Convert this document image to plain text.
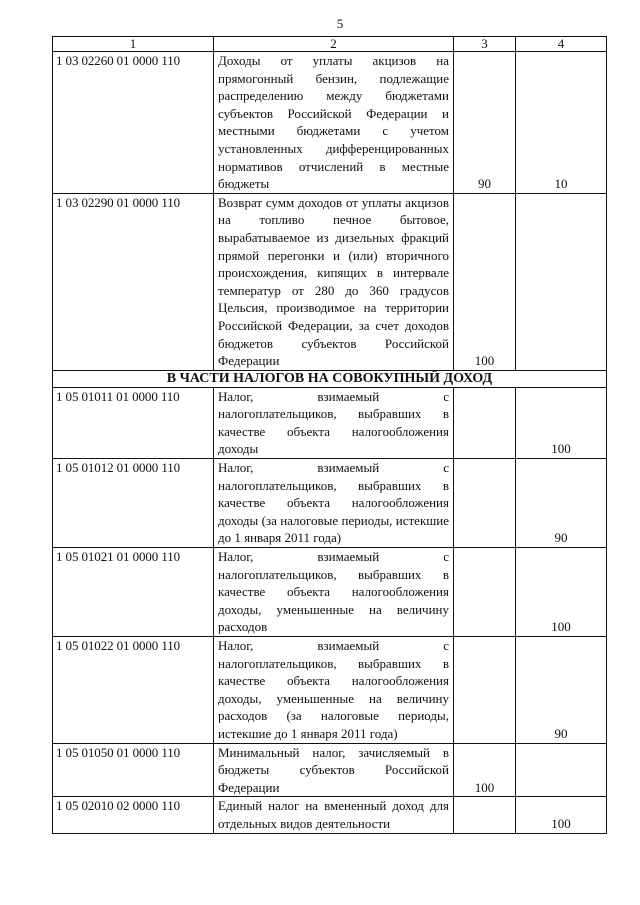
5
1	2	3	4
1 03 02260 01 0000 110	Доходы от уплаты акцизов на прямогонный бензин, подлежащие распределению между бюджетами субъектов Российской Федерации и местными бюджетами с учетом установленных дифференцированных нормативов отчислений в местные бюджеты	90	10
1 03 02290 01 0000 110	Возврат сумм доходов от уплаты акцизов на топливо печное бытовое, вырабатываемое из дизельных фракций прямой перегонки и (или) вторичного происхождения, кипящих в интервале температур от 280 до 360 градусов Цельсия, производимое на территории Российской Федерации, за счет доходов бюджетов субъектов Российской Федерации	100	
В ЧАСТИ НАЛОГОВ НА СОВОКУПНЫЙ ДОХОД			
1 05 01011 01 0000 110	Налог, взимаемый с налогоплательщиков, выбравших в качестве объекта налогообложения доходы		100
1 05 01012 01 0000 110	Налог, взимаемый с налогоплательщиков, выбравших в качестве объекта налогообложения доходы (за налоговые периоды, истекшие до 1 января 2011 года)		90
1 05 01021 01 0000 110	Налог, взимаемый с налогоплательщиков, выбравших в качестве объекта налогообложения доходы, уменьшенные на величину расходов		100
1 05 01022 01 0000 110	Налог, взимаемый с налогоплательщиков, выбравших в качестве объекта налогообложения доходы, уменьшенные на величину расходов (за налоговые периоды, истекшие до 1 января 2011 года)		90
1 05 01050 01 0000 110	Минимальный налог, зачисляемый в бюджеты субъектов Российской Федерации	100	
1 05 02010 02 0000 110	Единый налог на вмененный доход для отдельных видов деятельности		100
